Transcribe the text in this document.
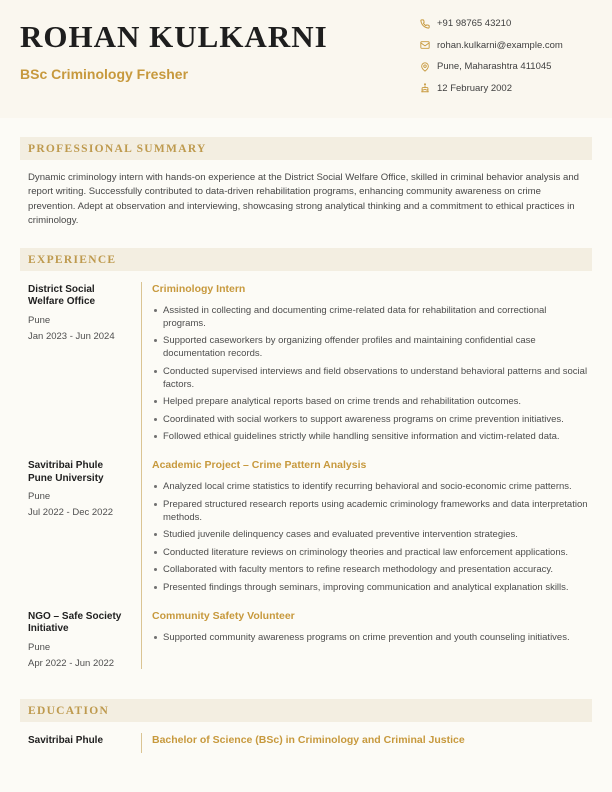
ROHAN KULKARNI
BSc Criminology Fresher
+91 98765 43210
rohan.kulkarni@example.com
Pune, Maharashtra 411045
12 February 2002
PROFESSIONAL SUMMARY
Dynamic criminology intern with hands-on experience at the District Social Welfare Office, skilled in criminal behavior analysis and report writing. Successfully contributed to data-driven rehabilitation programs, enhancing community awareness on crime prevention. Adept at observation and interviewing, showcasing strong analytical thinking and a commitment to ethical practices in criminology.
EXPERIENCE
District Social Welfare Office
Pune
Jan 2023 - Jun 2024
Criminology Intern
Assisted in collecting and documenting crime-related data for rehabilitation and correctional programs.
Supported caseworkers by organizing offender profiles and maintaining confidential case documentation records.
Conducted supervised interviews and field observations to understand behavioral patterns and social factors.
Helped prepare analytical reports based on crime trends and rehabilitation outcomes.
Coordinated with social workers to support awareness programs on crime prevention initiatives.
Followed ethical guidelines strictly while handling sensitive information and victim-related data.
Savitribai Phule Pune University
Pune
Jul 2022 - Dec 2022
Academic Project – Crime Pattern Analysis
Analyzed local crime statistics to identify recurring behavioral and socio-economic crime patterns.
Prepared structured research reports using academic criminology frameworks and data interpretation methods.
Studied juvenile delinquency cases and evaluated preventive intervention strategies.
Conducted literature reviews on criminology theories and practical law enforcement applications.
Collaborated with faculty mentors to refine research methodology and presentation accuracy.
Presented findings through seminars, improving communication and analytical explanation skills.
NGO – Safe Society Initiative
Pune
Apr 2022 - Jun 2022
Community Safety Volunteer
Supported community awareness programs on crime prevention and youth counseling initiatives.
EDUCATION
Savitribai Phule	Bachelor of Science (BSc) in Criminology and Criminal Justice
